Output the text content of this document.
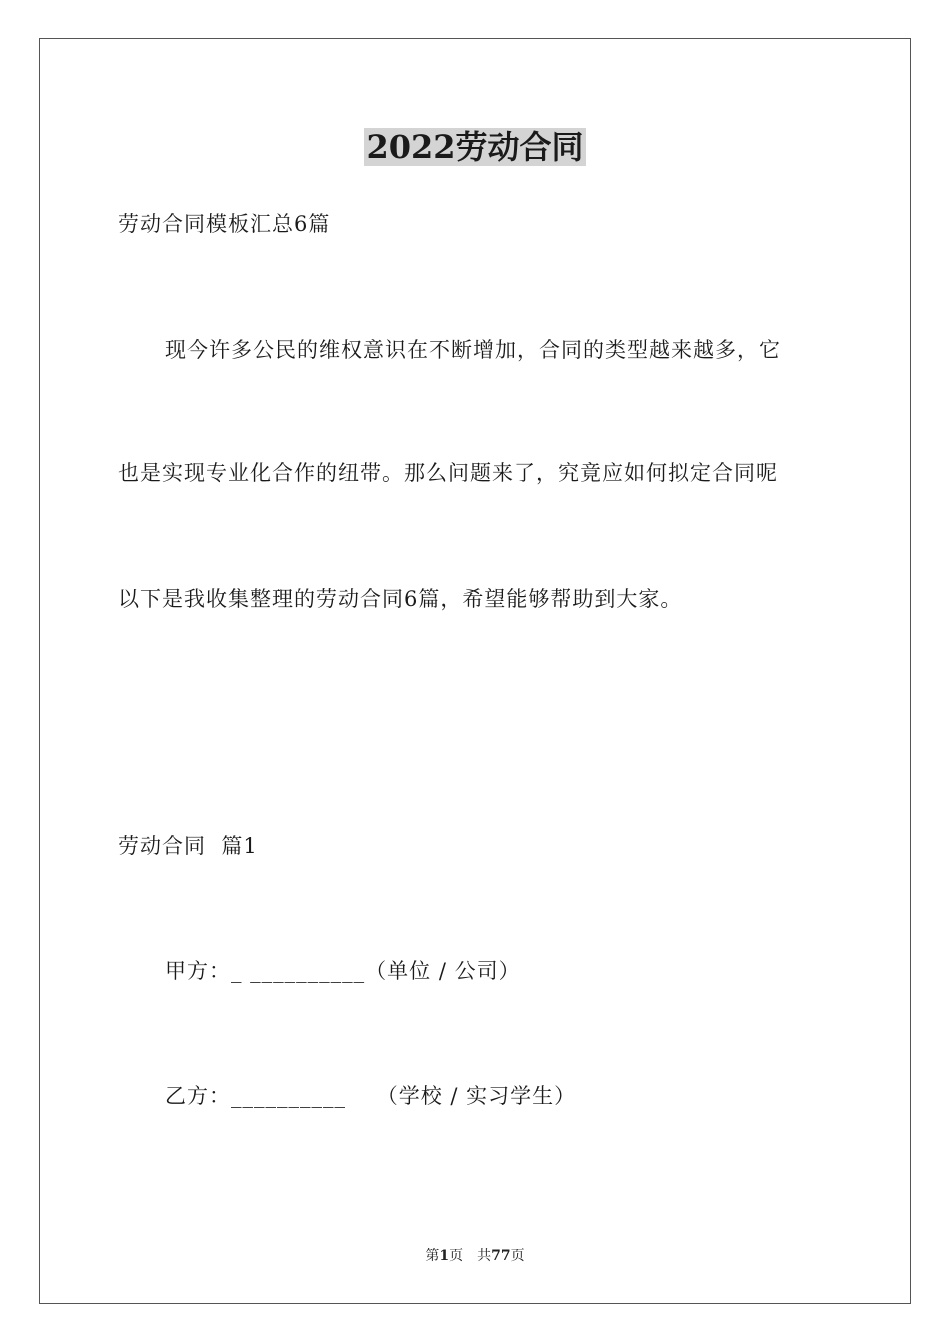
2022劳动合同
劳动合同模板汇总6篇
现今许多公民的维权意识在不断增加，合同的类型越来越多，它
也是实现专业化合作的纽带。那么问题来了，究竟应如何拟定合同呢
以下是我收集整理的劳动合同6篇，希望能够帮助到大家。
劳动合同  篇1
甲方：_ __________（单位 / 公司）
乙方：__________    （学校 / 实习学生）
第1页 共77页
